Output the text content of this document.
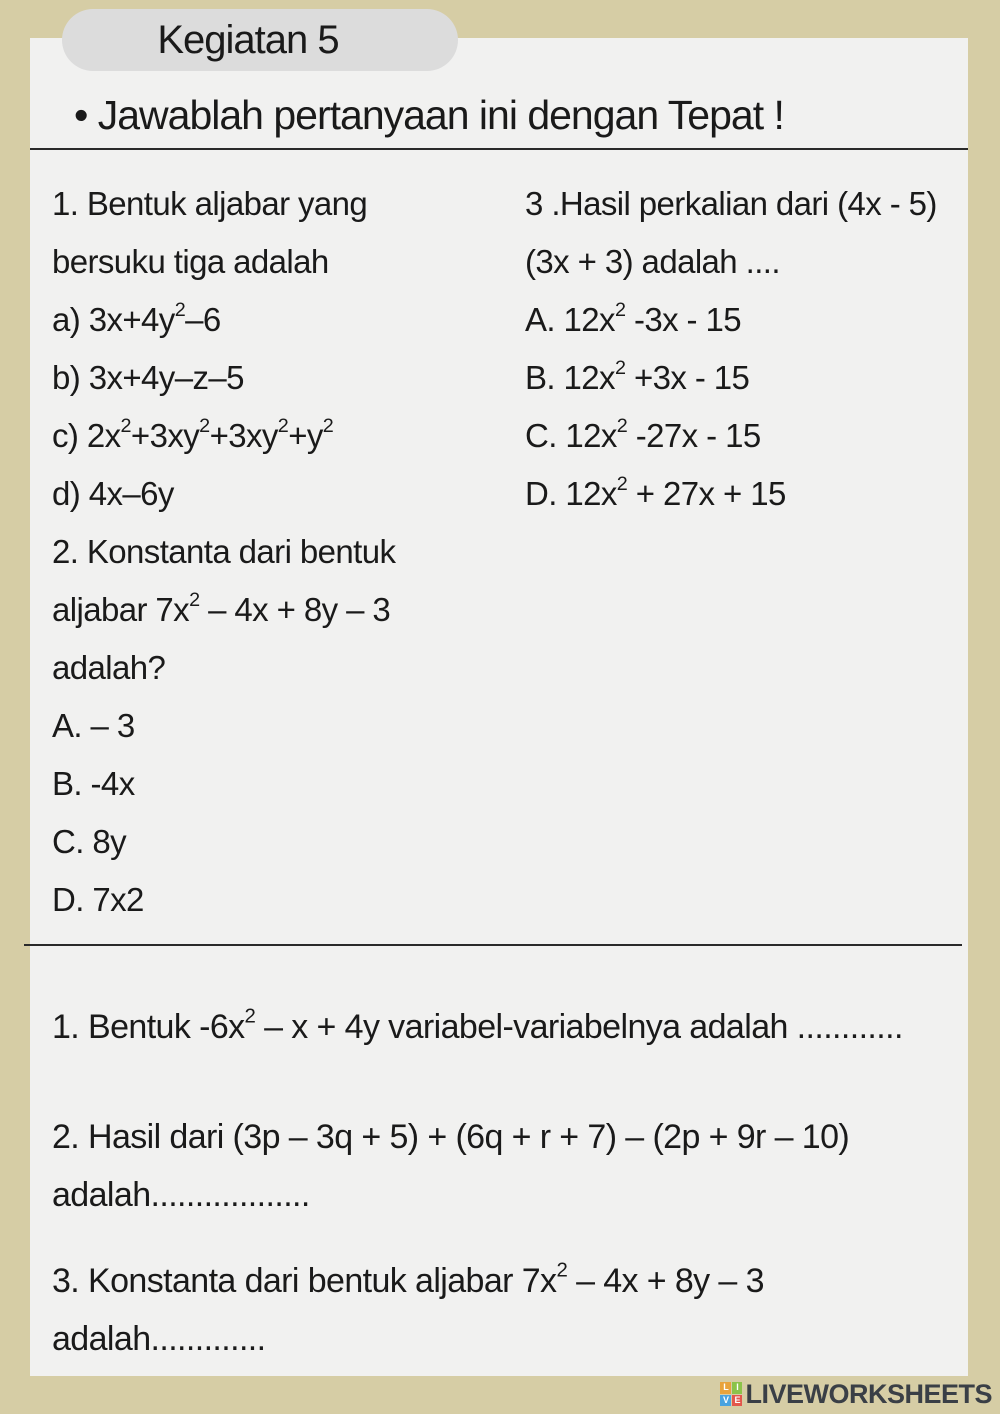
Kegiatan 5
• Jawablah pertanyaan ini dengan Tepat !
1. Bentuk aljabar yang
bersuku tiga adalah
a) $3x+4y^2-6$
b) 3x+4y–z–5
c) $2x^2+3xy^2+3xy^2+y^2$
d) 4x–6y
2. Konstanta dari bentuk
aljabar $7x^2 - 4x + 8y - 3$
adalah?
A. – 3
B. -4x
C. 8y
D. 7x2
3 .Hasil perkalian dari (4x - 5)
(3x + 3) adalah ....
A. $12x^2$ -3x - 15
B. $12x^2 +3x - 15$
C. $12x^2$ -27x - 15
D. $12x^2 + 27x + 15$
1. Bentuk $-6x^2 - x + 4y$ variabel-variabelnya adalah ............
2. Hasil dari (3p – 3q + 5) + (6q + r + 7) – (2p + 9r – 10)
adalah..................
3. Konstanta dari bentuk aljabar $7x^2 - 4x + 8y - 3$
adalah.............
L I
V E LIVEWORKSHEETS
